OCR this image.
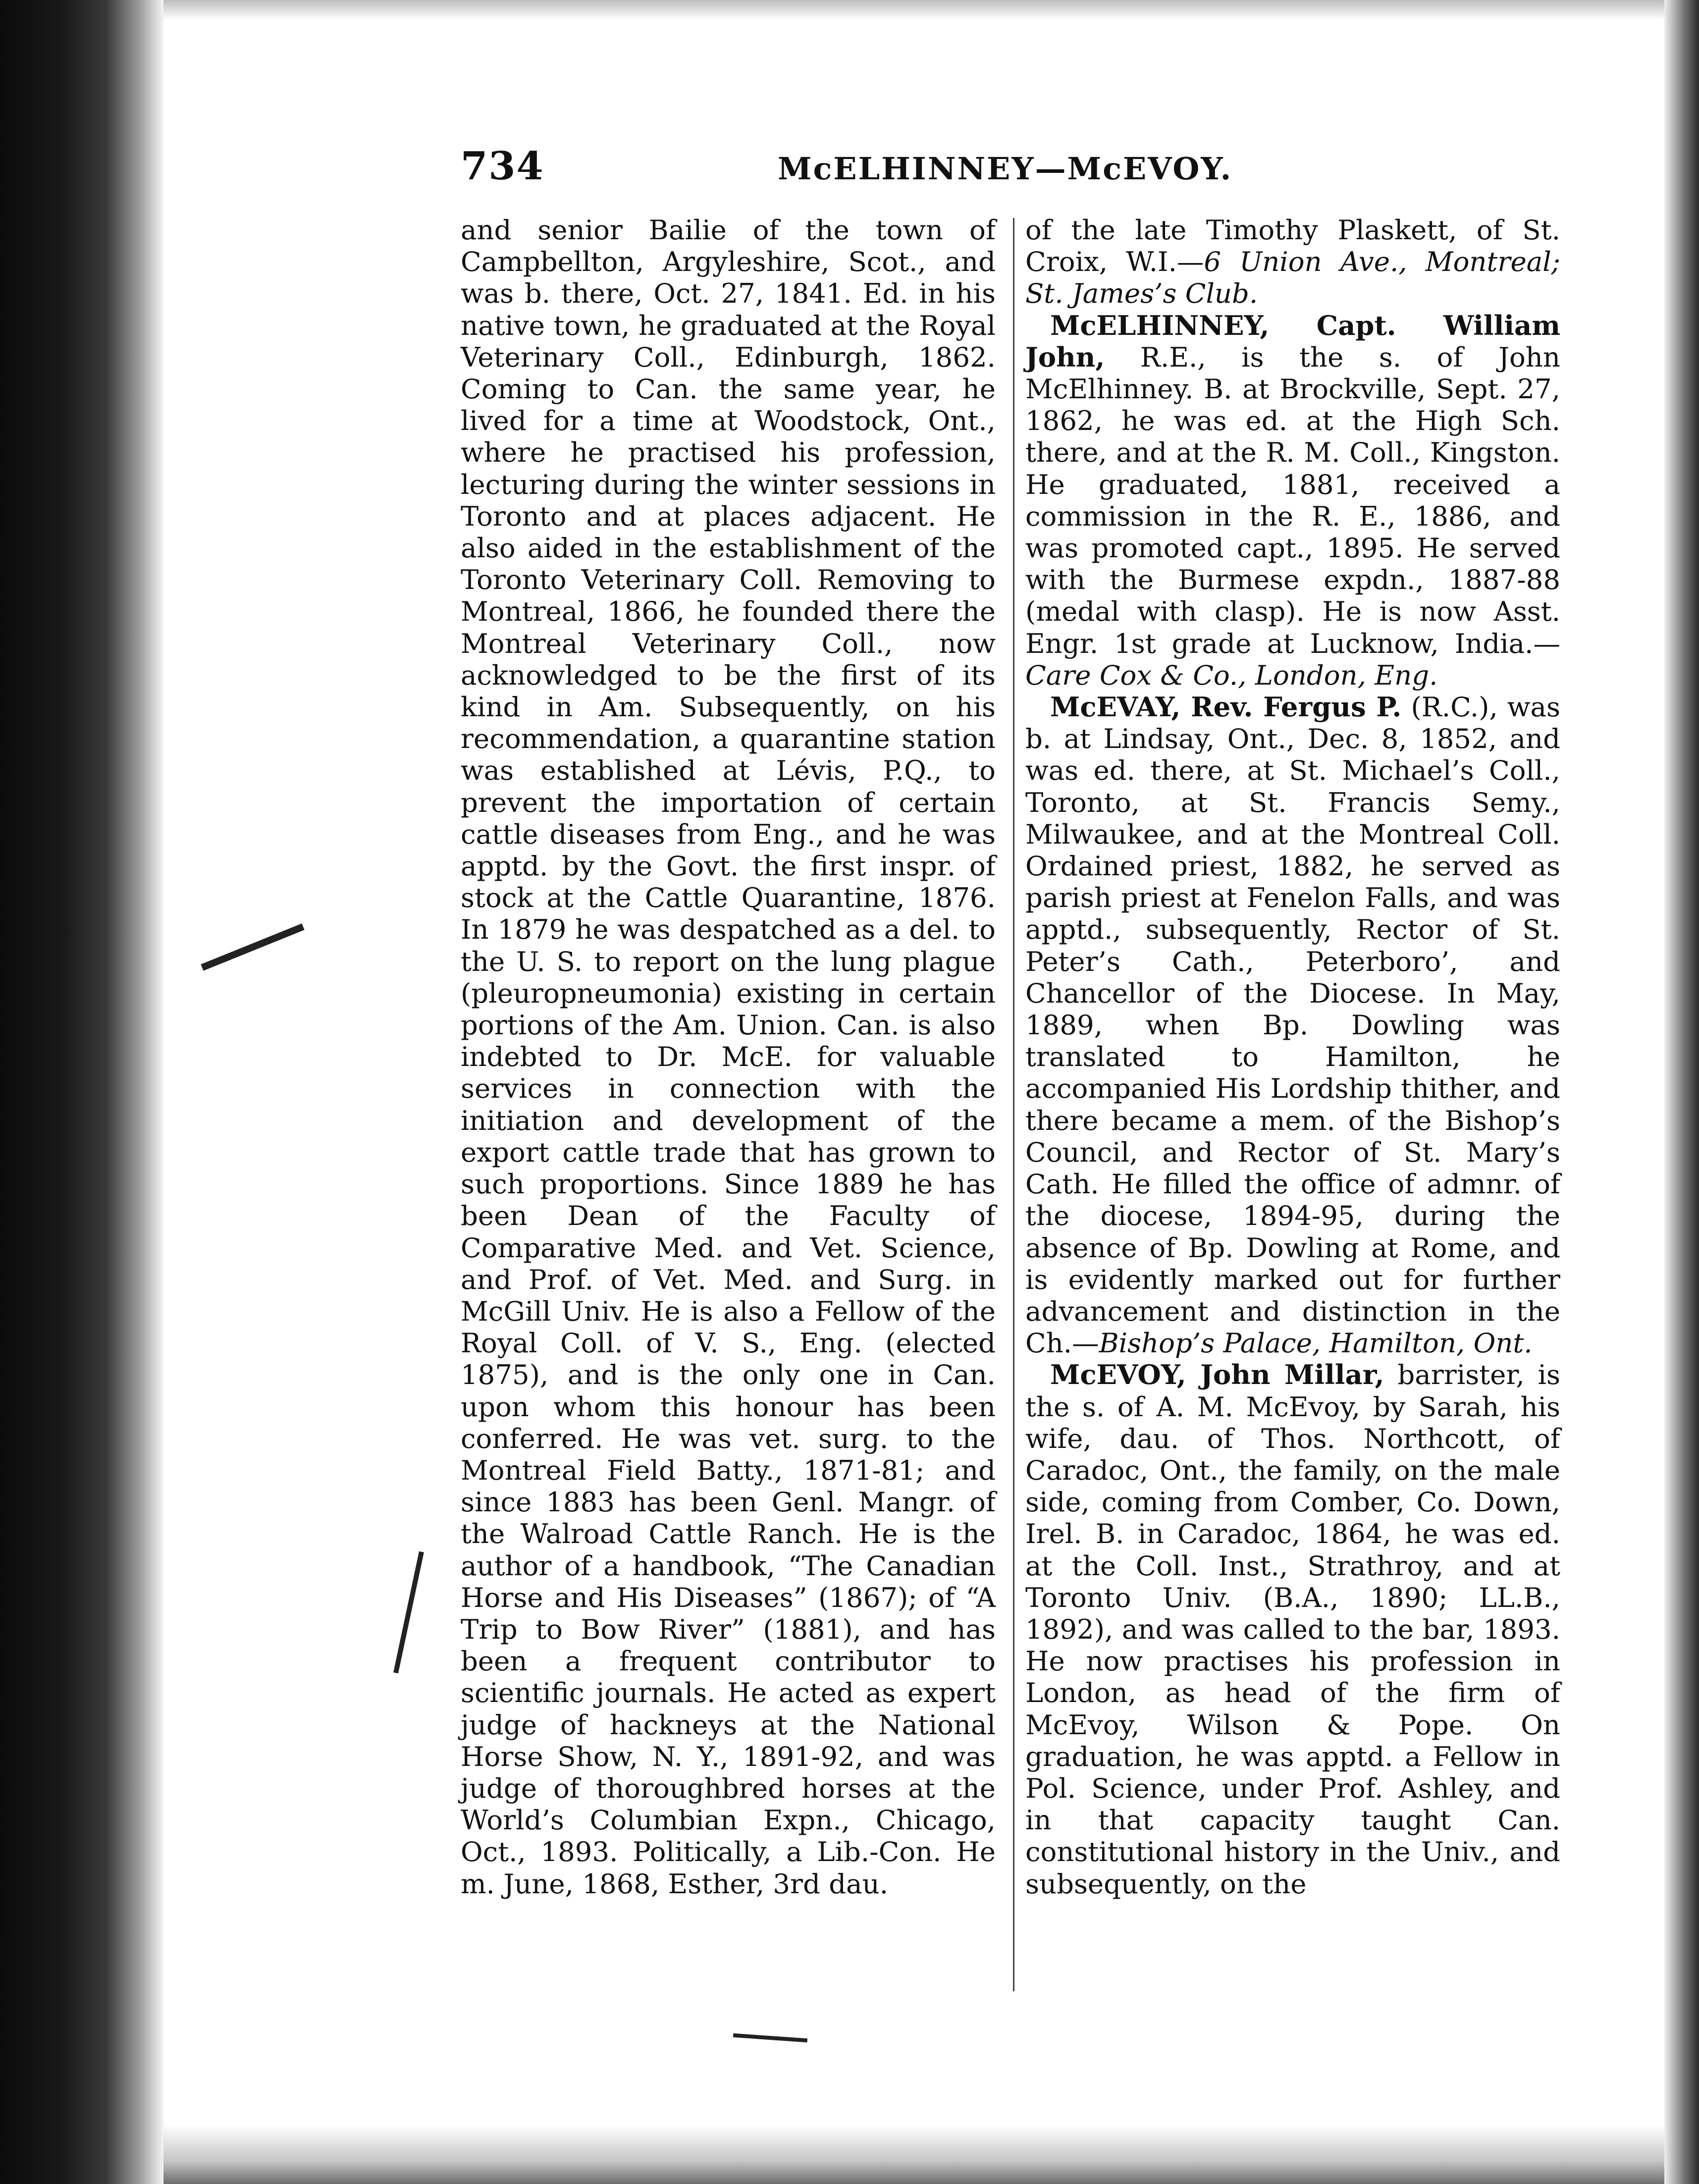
734	McELHINNEY—McEVOY.

and senior Bailie of the town of Campbellton, Argyleshire, Scot., and was b. there, Oct. 27, 1841. Ed. in his native town, he graduated at the Royal Veterinary Coll., Edinburgh, 1862. Coming to Can. the same year, he lived for a time at Woodstock, Ont., where he practised his profession, lecturing during the winter sessions in Toronto and at places adjacent. He also aided in the establishment of the Toronto Veterinary Coll. Removing to Montreal, 1866, he founded there the Montreal Veterinary Coll., now acknowledged to be the first of its kind in Am. Subsequently, on his recommendation, a quarantine station was established at Lévis, P.Q., to prevent the importation of certain cattle diseases from Eng., and he was apptd. by the Govt. the first inspr. of stock at the Cattle Quarantine, 1876. In 1879 he was despatched as a del. to the U. S. to report on the lung plague (pleuropneumonia) existing in certain portions of the Am. Union. Can. is also indebted to Dr. McE. for valuable services in connection with the initiation and development of the export cattle trade that has grown to such proportions. Since 1889 he has been Dean of the Faculty of Comparative Med. and Vet. Science, and Prof. of Vet. Med. and Surg. in McGill Univ. He is also a Fellow of the Royal Coll. of V. S., Eng. (elected 1875), and is the only one in Can. upon whom this honour has been conferred. He was vet. surg. to the Montreal Field Batty., 1871-81; and since 1883 has been Genl. Mangr. of the Walroad Cattle Ranch. He is the author of a handbook, “The Canadian Horse and His Diseases” (1867); of “A Trip to Bow River” (1881), and has been a frequent contributor to scientific journals. He acted as expert judge of hackneys at the National Horse Show, N. Y., 1891-92, and was judge of thoroughbred horses at the World’s Columbian Expn., Chicago, Oct., 1893. Politically, a Lib.-Con. He m. June, 1868, Esther, 3rd dau.

of the late Timothy Plaskett, of St. Croix, W.I.—6 Union Ave., Montreal; St. James’s Club.

McELHINNEY, Capt. William John, R.E., is the s. of John McElhinney. B. at Brockville, Sept. 27, 1862, he was ed. at the High Sch. there, and at the R. M. Coll., Kingston. He graduated, 1881, received a commission in the R. E., 1886, and was promoted capt., 1895. He served with the Burmese expdn., 1887-88 (medal with clasp). He is now Asst. Engr. 1st grade at Lucknow, India.—Care Cox & Co., London, Eng.

McEVAY, Rev. Fergus P. (R.C.), was b. at Lindsay, Ont., Dec. 8, 1852, and was ed. there, at St. Michael’s Coll., Toronto, at St. Francis Semy., Milwaukee, and at the Montreal Coll. Ordained priest, 1882, he served as parish priest at Fenelon Falls, and was apptd., subsequently, Rector of St. Peter’s Cath., Peterboro’, and Chancellor of the Diocese. In May, 1889, when Bp. Dowling was translated to Hamilton, he accompanied His Lordship thither, and there became a mem. of the Bishop’s Council, and Rector of St. Mary’s Cath. He filled the office of admnr. of the diocese, 1894-95, during the absence of Bp. Dowling at Rome, and is evidently marked out for further advancement and distinction in the Ch.—Bishop’s Palace, Hamilton, Ont.

McEVOY, John Millar, barrister, is the s. of A. M. McEvoy, by Sarah, his wife, dau. of Thos. Northcott, of Caradoc, Ont., the family, on the male side, coming from Comber, Co. Down, Irel. B. in Caradoc, 1864, he was ed. at the Coll. Inst., Strathroy, and at Toronto Univ. (B.A., 1890; LL.B., 1892), and was called to the bar, 1893. He now practises his profession in London, as head of the firm of McEvoy, Wilson & Pope. On graduation, he was apptd. a Fellow in Pol. Science, under Prof. Ashley, and in that capacity taught Can. constitutional history in the Univ., and subsequently, on the
